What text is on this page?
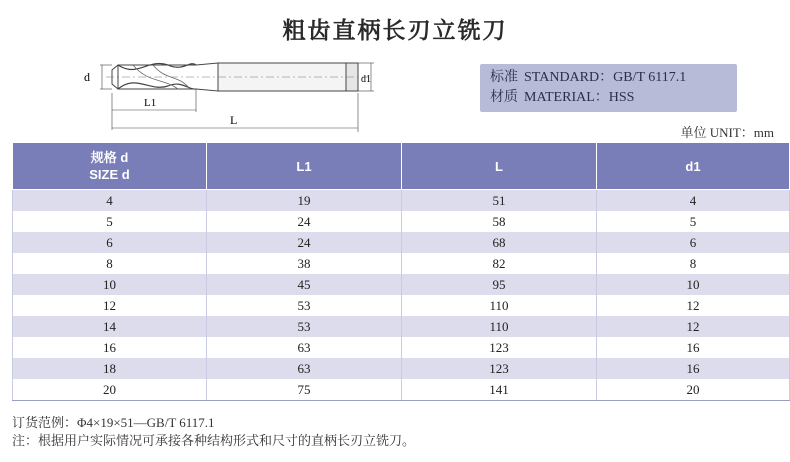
粗齿直柄长刃立铣刀
d	d1
L1
L
标准 STANDARD：GB/T 6117.1
材质 MATERIAL：HSS
单位 UNIT：mm
规格 d
SIZE d	L1	L	d1

4	19	51	4
5	24	58	5
6	24	68	6
8	38	82	8
10	45	95	10
12	53	110	12
14	53	110	12
16	63	123	16
18	63	123	16
20	75	141	20
订货范例：Φ4×19×51—GB/T 6117.1
注：根据用户实际情况可承接各种结构形式和尺寸的直柄长刃立铣刀。
